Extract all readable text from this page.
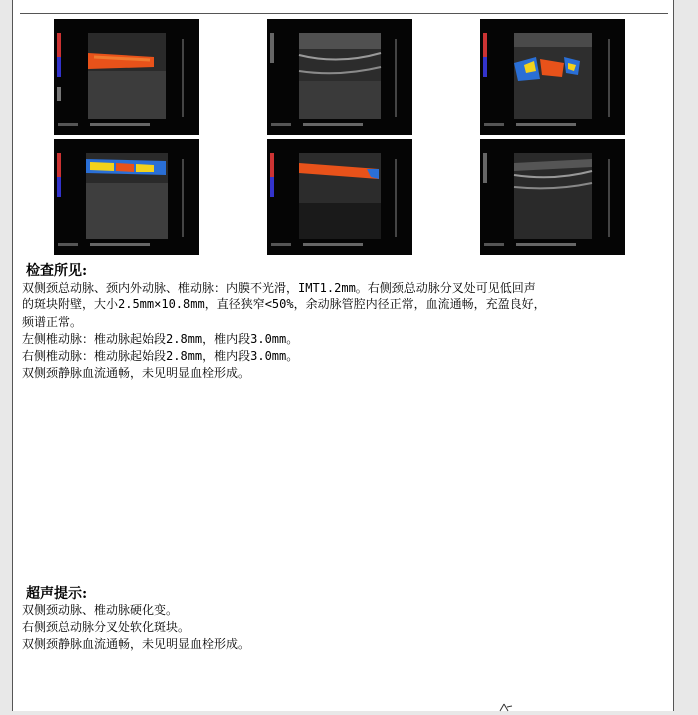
检查所见:
双侧颈总动脉、颈内外动脉、椎动脉：内膜不光滑，IMT1.2mm。右侧颈总动脉分叉处可见低回声
的斑块附壁，大小2.5mm×10.8mm，直径狭窄<50%，余动脉管腔内径正常，血流通畅，充盈良好，
频谱正常。
左侧椎动脉：椎动脉起始段2.8mm，椎内段3.0mm。
右侧椎动脉：椎动脉起始段2.8mm，椎内段3.0mm。
双侧颈静脉血流通畅，未见明显血栓形成。
超声提示:
双侧颈动脉、椎动脉硬化变。
右侧颈总动脉分叉处软化斑块。
双侧颈静脉血流通畅，未见明显血栓形成。
